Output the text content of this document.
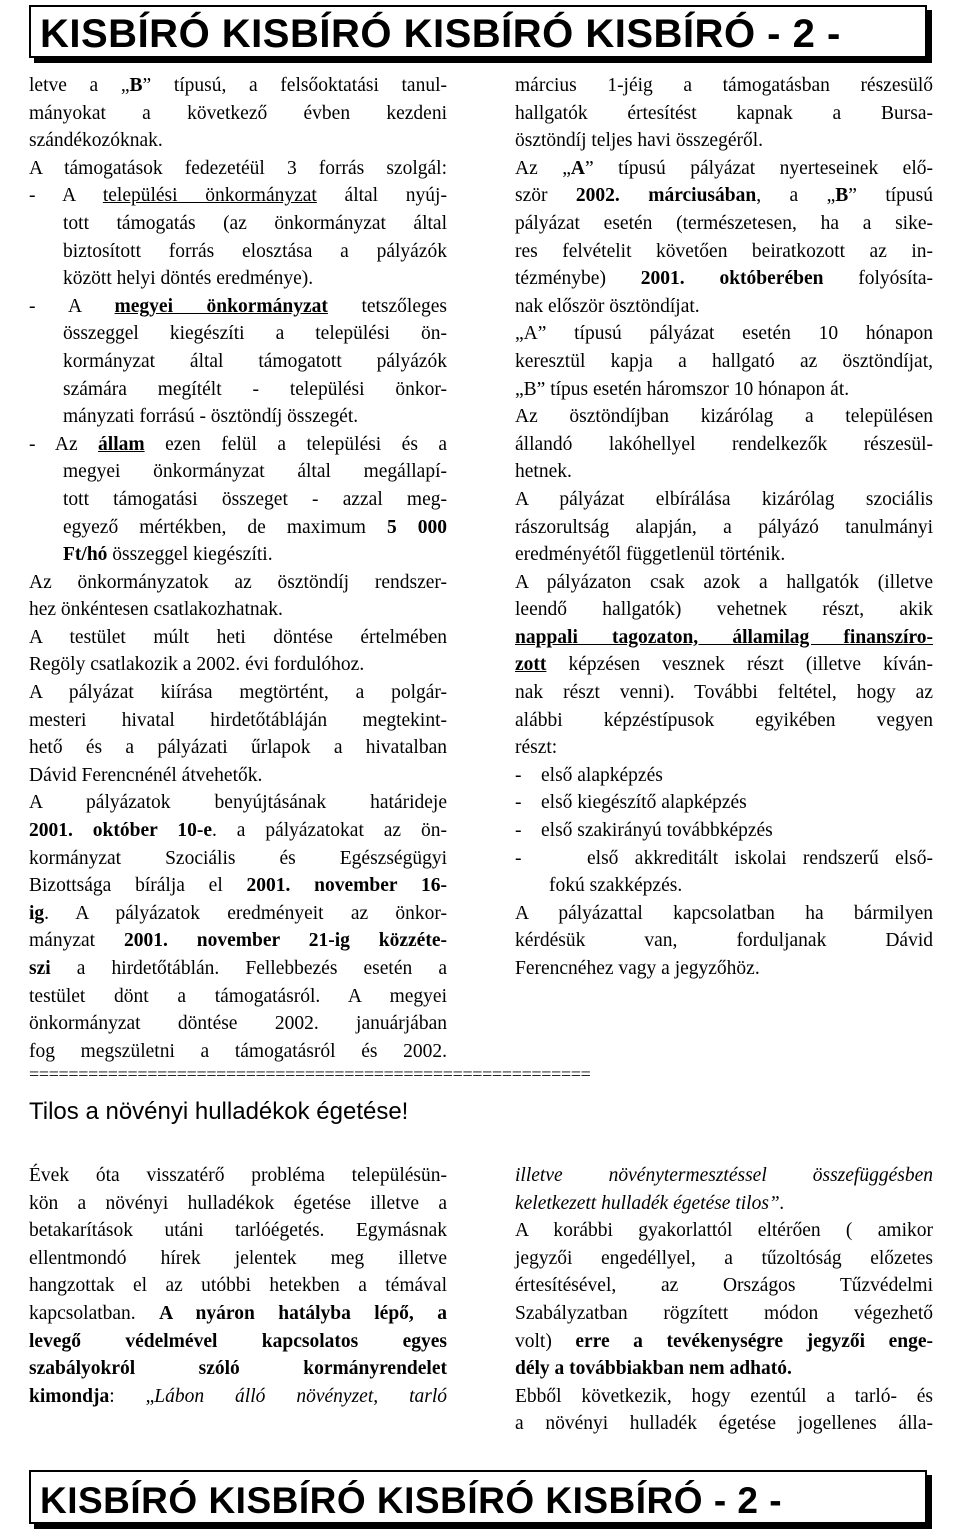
KISBÍRÓ KISBÍRÓ KISBÍRÓ KISBÍRÓ - 2 -
letve a „B” típusú, a felsőoktatási tanul-
mányokat a következő évben kezdeni
szándékozóknak.
A támogatások fedezetéül 3 forrás szolgál:
- A települési önkormányzat által nyúj-
tott támogatás (az önkormányzat által
biztosított forrás elosztása a pályázók
között helyi döntés eredménye).
- A megyei önkormányzat tetszőleges
összeggel kiegészíti a települési ön-
kormányzat által támogatott pályázók
számára megítélt - települési önkor-
mányzati forrású - ösztöndíj összegét.
- Az állam ezen felül a települési és a
megyei önkormányzat által megállapí-
tott támogatási összeget - azzal meg-
egyező mértékben, de maximum 5 000
Ft/hó összeggel kiegészíti.
Az önkormányzatok az ösztöndíj rendszer-
hez önkéntesen csatlakozhatnak.
A testület múlt heti döntése értelmében
Regöly csatlakozik a 2002. évi fordulóhoz.
A pályázat kiírása megtörtént, a polgár-
mesteri hivatal hirdetőtábláján megtekint-
hető és a pályázati űrlapok a hivatalban
Dávid Ferencnénél átvehetők.
A pályázatok benyújtásának határideje
2001. október 10-e. a pályázatokat az ön-
kormányzat Szociális és Egészségügyi
Bizottsága bírálja el 2001. november 16-
ig. A pályázatok eredményeit az önkor-
mányzat 2001. november 21-ig közzéte-
szi a hirdetőtáblán. Fellebbezés esetén a
testület dönt a támogatásról. A megyei
önkormányzat döntése 2002. januárjában
fog megszületni a támogatásról és 2002.
március 1-jéig a támogatásban részesülő
hallgatók értesítést kapnak a Bursa-
ösztöndíj teljes havi összegéről.
Az „A” típusú pályázat nyerteseinek elő-
ször 2002. márciusában, a „B” típusú
pályázat esetén (természetesen, ha a sike-
res felvételit követően beiratkozott az in-
tézménybe) 2001. októberében folyósíta-
nak először ösztöndíjat.
„A” típusú pályázat esetén 10 hónapon
keresztül kapja a hallgató az ösztöndíjat,
„B” típus esetén háromszor 10 hónapon át.
Az ösztöndíjban kizárólag a településen
állandó lakóhellyel rendelkezők részesül-
hetnek.
A pályázat elbírálása kizárólag szociális
rászorultság alapján, a pályázó tanulmányi
eredményétől függetlenül történik.
A pályázaton csak azok a hallgatók (illetve
leendő hallgatók) vehetnek részt, akik
nappali tagozaton, államilag finanszíro-
zott képzésen vesznek részt (illetve kíván-
nak részt venni). További feltétel, hogy az
alábbi képzéstípusok egyikében vegyen
részt:
-    első alapképzés
-    első kiegészítő alapképzés
-    első szakirányú továbbképzés
-    első akkreditált iskolai rendszerű első-
fokú szakképzés.
A pályázattal kapcsolatban ha bármilyen
kérdésük van, forduljanak Dávid
Ferencnéhez vagy a jegyzőhöz.
=========================================================
Tilos a növényi hulladékok égetése!
Évek óta visszatérő probléma településün-
kön a növényi hulladékok égetése illetve a
betakarítások utáni tarlóégetés. Egymásnak
ellentmondó hírek jelentek meg illetve
hangzottak el az utóbbi hetekben a témával
kapcsolatban. A nyáron hatályba lépő, a
levegő védelmével kapcsolatos egyes
szabályokról szóló kormányrendelet
kimondja: „Lábon álló növényzet, tarló
illetve növénytermesztéssel összefüggésben
keletkezett hulladék égetése tilos”.
A korábbi gyakorlattól eltérően ( amikor
jegyzői engedéllyel, a tűzoltóság előzetes
értesítésével, az Országos Tűzvédelmi
Szabályzatban rögzített módon végezhető
volt) erre a tevékenységre jegyzői enge-
dély a továbbiakban nem adható.
Ebből következik, hogy ezentúl a tarló- és
a növényi hulladék égetése jogellenes álla-
KISBÍRÓ KISBÍRÓ KISBÍRÓ KISBÍRÓ - 2 -
